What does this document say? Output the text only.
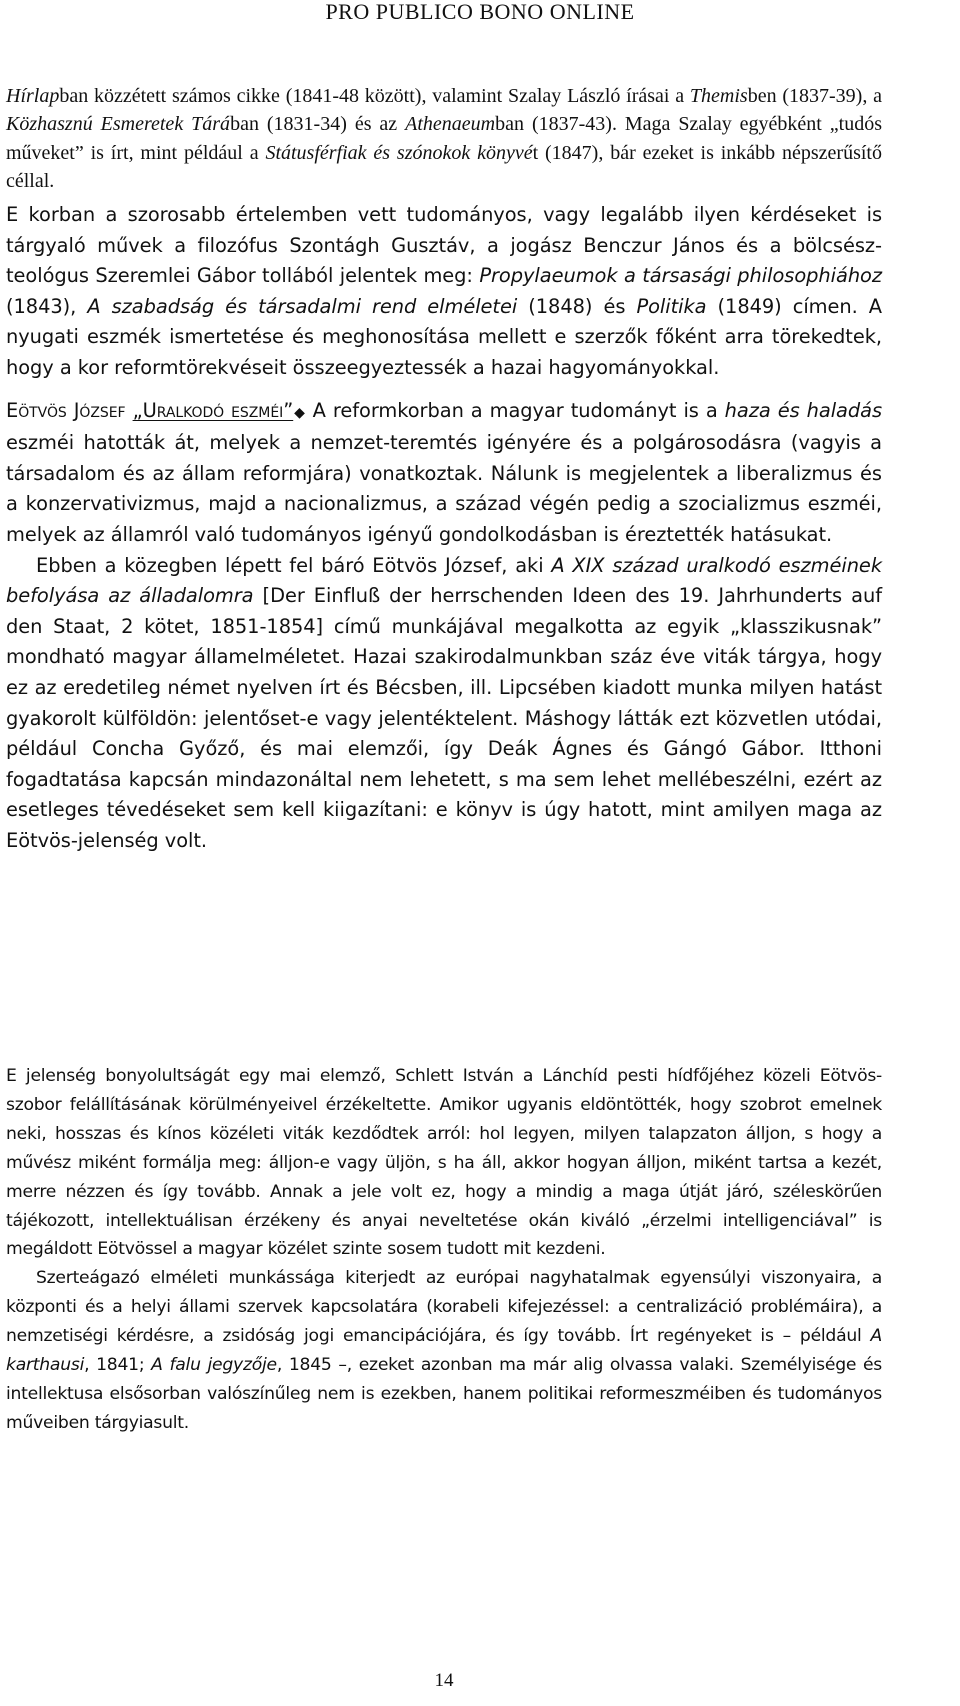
PRO PUBLICO BONO ONLINE

Hírlapban közzétett számos cikke (1841-48 között), valamint Szalay László írásai a Themisben (1837-39), a Közhasznú Esmeretek Tárában (1831-34) és az Athenaeumban (1837-43). Maga Szalay egyébként „tudós műveket” is írt, mint például a Státusférfiak és szónokok könyvét (1847), bár ezeket is inkább népszerűsítő céllal.

E korban a szorosabb értelemben vett tudományos, vagy legalább ilyen kérdéseket is tárgyaló művek a filozófus Szontágh Gusztáv, a jogász Benczur János és a bölcsész-teológus Szeremlei Gábor tollából jelentek meg: Propylaeumok a társasági philosophiához (1843), A szabadság és társadalmi rend elméletei (1848) és Politika (1849) címen. A nyugati eszmék ismertetése és meghonosítása mellett e szerzők főként arra törekedtek, hogy a kor reformtörekvéseit összeegyeztessék a hazai hagyományokkal.

Eötvös József „Uralkodó eszméi”◆ A reformkorban a magyar tudományt is a haza és haladás eszméi hatották át, melyek a nemzet-teremtés igényére és a polgárosodásra (vagyis a társadalom és az állam reformjára) vonatkoztak. Nálunk is megjelentek a liberalizmus és a konzervativizmus, majd a nacionalizmus, a század végén pedig a szocializmus eszméi, melyek az államról való tudományos igényű gondolkodásban is éreztették hatásukat.

Ebben a közegben lépett fel báró Eötvös József, aki A XIX század uralkodó eszméinek befolyása az álladalomra [Der Einfluß der herrschenden Ideen des 19. Jahrhunderts auf den Staat, 2 kötet, 1851-1854] című munkájával megalkotta az egyik „klasszikusnak” mondható magyar államelméletet. Hazai szakirodalmunkban száz éve viták tárgya, hogy ez az eredetileg német nyelven írt és Bécsben, ill. Lipcsében kiadott munka milyen hatást gyakorolt külföldön: jelentőset-e vagy jelentéktelent. Máshogy látták ezt közvetlen utódai, például Concha Győző, és mai elemzői, így Deák Ágnes és Gángó Gábor. Itthoni fogadtatása kapcsán mindazonáltal nem lehetett, s ma sem lehet mellébeszélni, ezért az esetleges tévedéseket sem kell kiigazítani: e könyv is úgy hatott, mint amilyen maga az Eötvös-jelenség volt.

E jelenség bonyolultságát egy mai elemző, Schlett István a Lánchíd pesti hídfőjéhez közeli Eötvös-szobor felállításának körülményeivel érzékeltette. Amikor ugyanis eldöntötték, hogy szobrot emelnek neki, hosszas és kínos közéleti viták kezdődtek arról: hol legyen, milyen talapzaton álljon, s hogy a művész miként formálja meg: álljon-e vagy üljön, s ha áll, akkor hogyan álljon, miként tartsa a kezét, merre nézzen és így tovább. Annak a jele volt ez, hogy a mindig a maga útját járó, széleskörűen tájékozott, intellektuálisan érzékeny és anyai neveltetése okán kiváló „érzelmi intelligenciával” is megáldott Eötvössel a magyar közélet szinte sosem tudott mit kezdeni.

Szerteágazó elméleti munkássága kiterjedt az európai nagyhatalmak egyensúlyi viszonyaira, a központi és a helyi állami szervek kapcsolatára (korabeli kifejezéssel: a centralizáció problémáira), a nemzetiségi kérdésre, a zsidóság jogi emancipációjára, és így tovább. Írt regényeket is – például A karthausi, 1841; A falu jegyzője, 1845 –, ezeket azonban ma már alig olvassa valaki. Személyisége és intellektusa elsősorban valószínűleg nem is ezekben, hanem politikai reformeszméiben és tudományos műveiben tárgyiasult.

14
